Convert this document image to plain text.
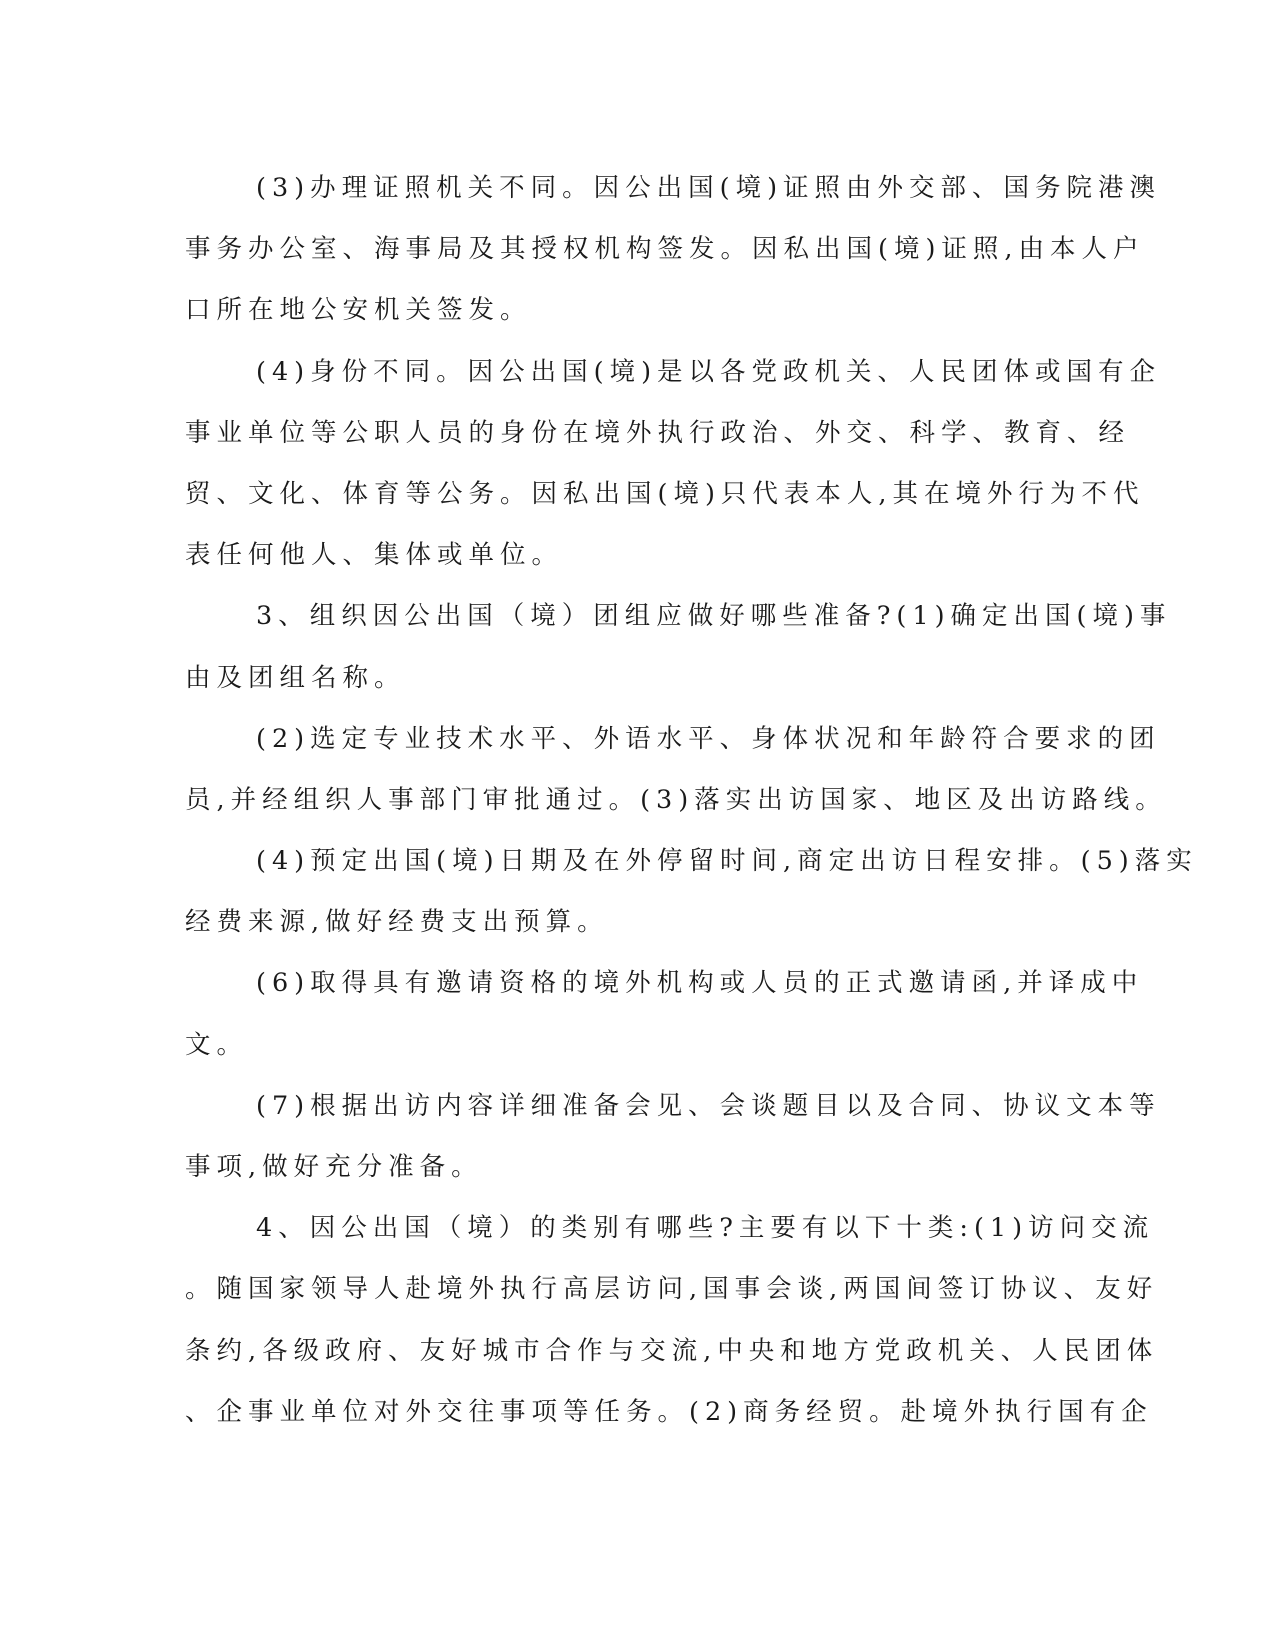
(3)办理证照机关不同。因公出国(境)证照由外交部、国务院港澳
事务办公室、海事局及其授权机构签发。因私出国(境)证照,由本人户
口所在地公安机关签发。
(4)身份不同。因公出国(境)是以各党政机关、人民团体或国有企
事业单位等公职人员的身份在境外执行政治、外交、科学、教育、经
贸、文化、体育等公务。因私出国(境)只代表本人,其在境外行为不代
表任何他人、集体或单位。
3、组织因公出国（境）团组应做好哪些准备?(1)确定出国(境)事
由及团组名称。
(2)选定专业技术水平、外语水平、身体状况和年龄符合要求的团
员,并经组织人事部门审批通过。(3)落实出访国家、地区及出访路线。
(4)预定出国(境)日期及在外停留时间,商定出访日程安排。(5)落实
经费来源,做好经费支出预算。
(6)取得具有邀请资格的境外机构或人员的正式邀请函,并译成中
文。
(7)根据出访内容详细准备会见、会谈题目以及合同、协议文本等
事项,做好充分准备。
4、因公出国（境）的类别有哪些?主要有以下十类:(1)访问交流
。随国家领导人赴境外执行高层访问,国事会谈,两国间签订协议、友好
条约,各级政府、友好城市合作与交流,中央和地方党政机关、人民团体
、企事业单位对外交往事项等任务。(2)商务经贸。赴境外执行国有企
